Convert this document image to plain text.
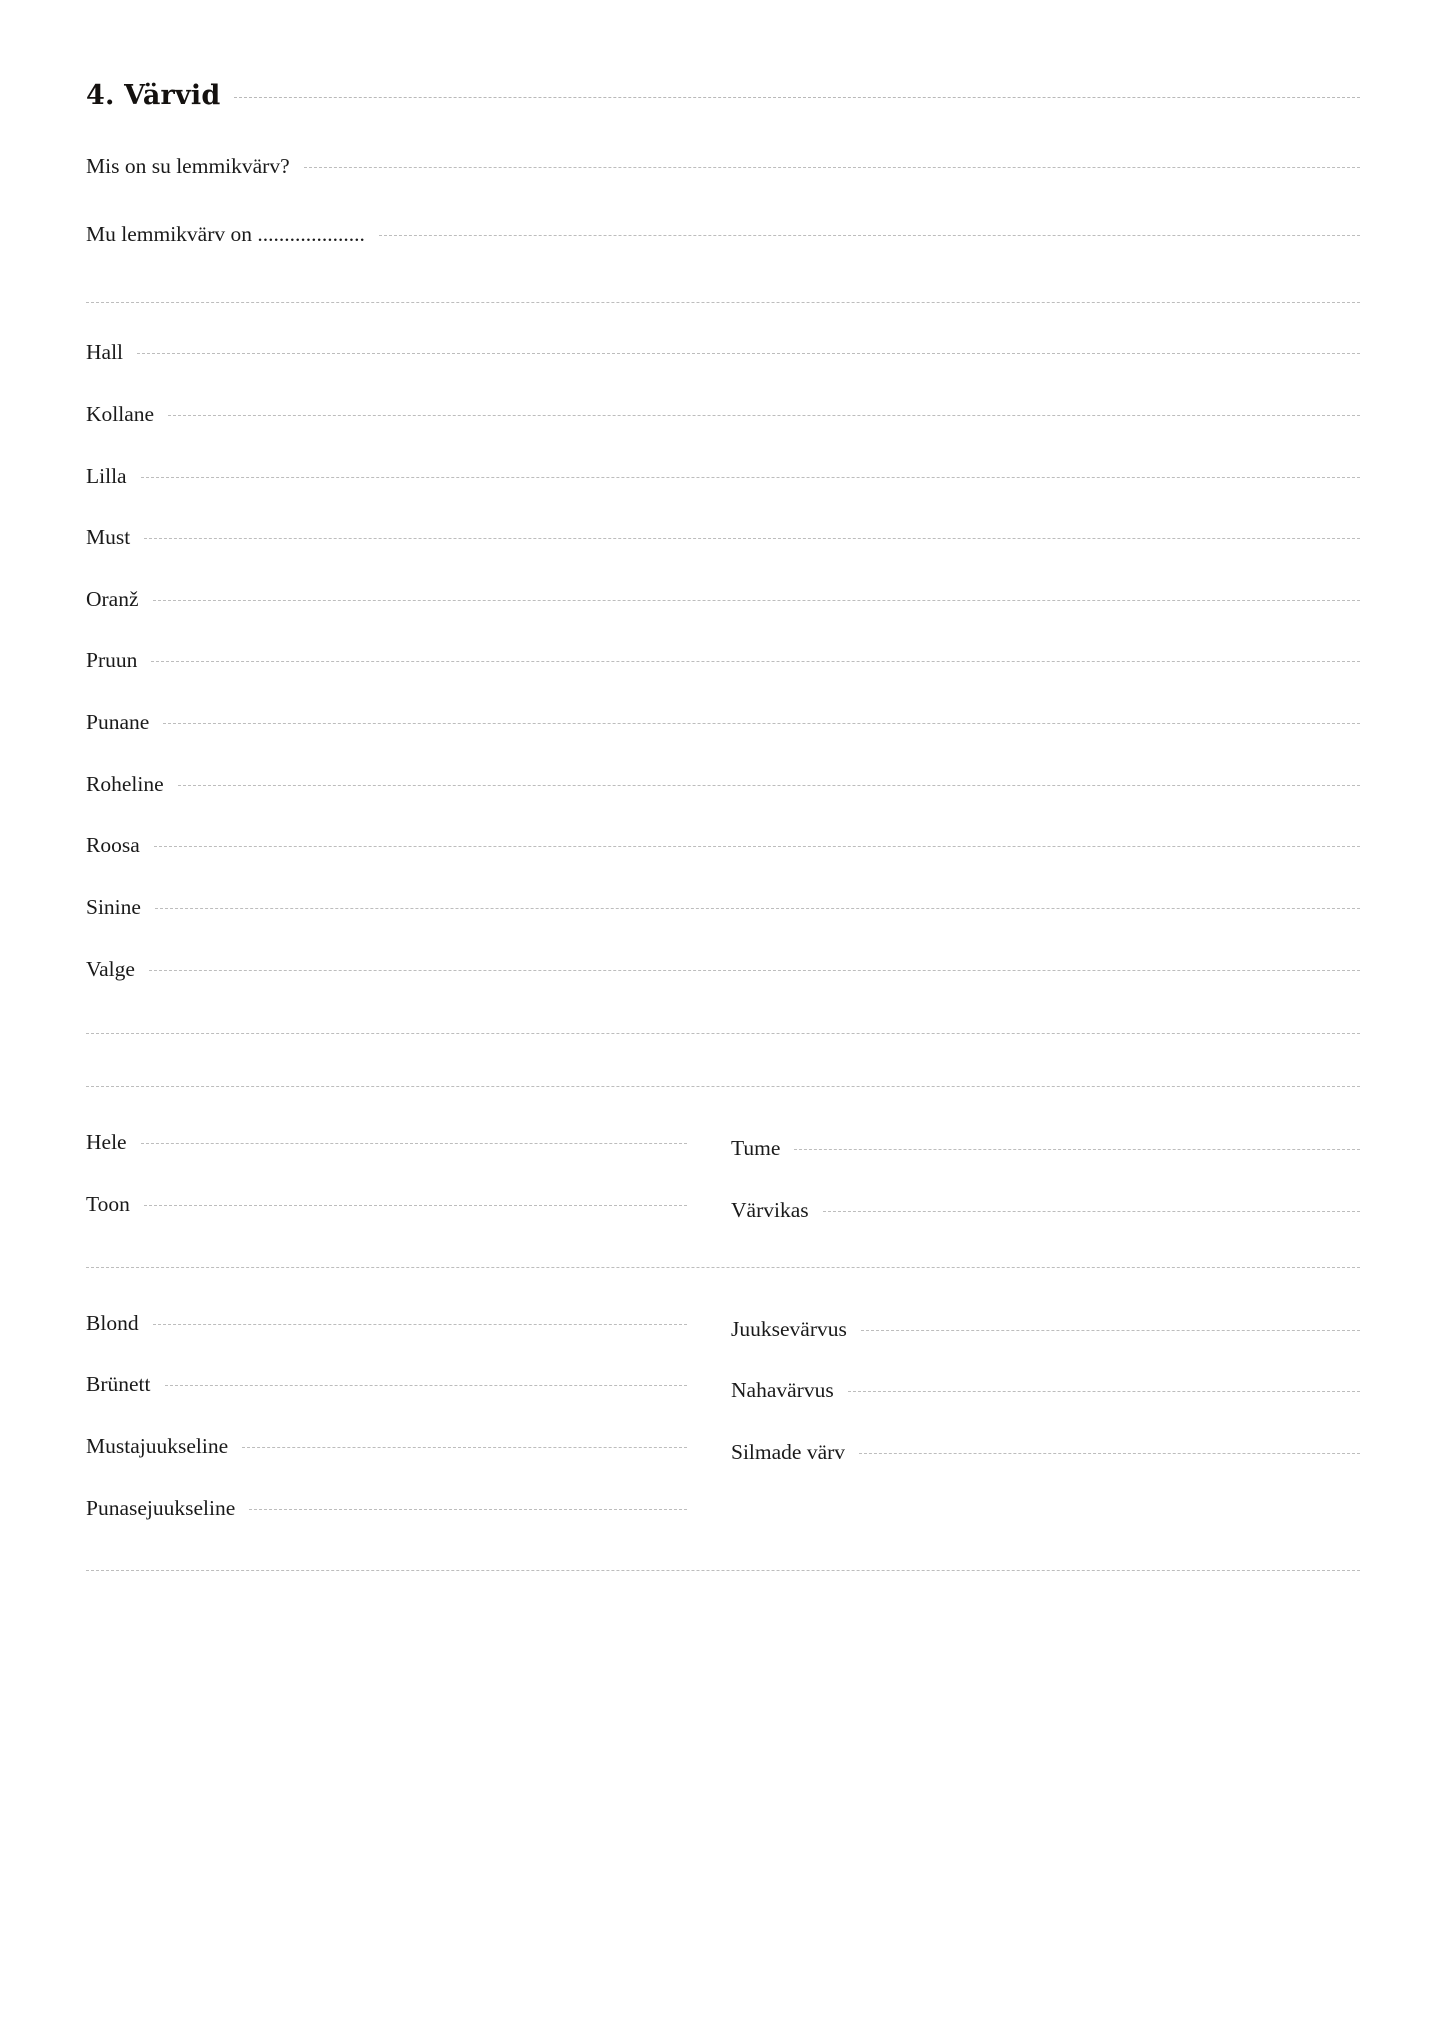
4. Värvid
Mis on su lemmikvärv?
Mu lemmikvärv on ....................
Hall
Kollane
Lilla
Must
Oranž
Pruun
Punane
Roheline
Roosa
Sinine
Valge
Hele
Toon
Tume
Värvikas
Blond
Brünett
Mustajuukseline
Punasejuukseline
Juuksevärvus
Nahavärvus
Silmade värv
